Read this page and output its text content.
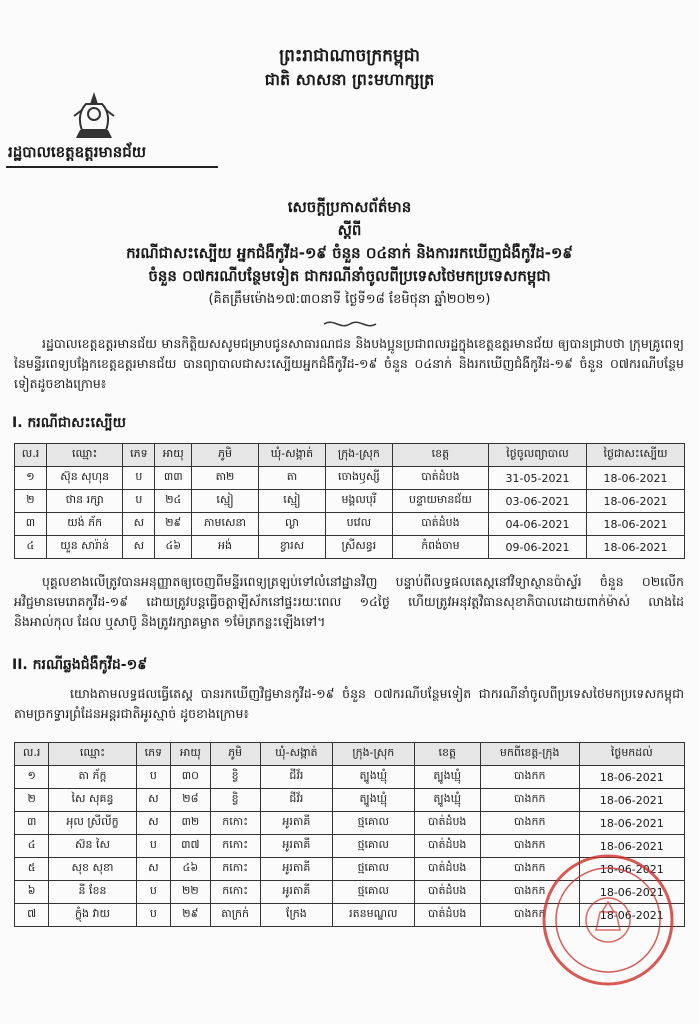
ព្រះរាជាណាចក្រកម្ពុជា
ជាតិ សាសនា ព្រះមហាក្សត្រ
រដ្ឋបាលខេត្តឧត្តរមានជ័យ
សេចក្តីប្រកាសព័ត៌មាន
ស្តីពី
ករណីជាសះស្បើយ អ្នកជំងឺកូវីដ-១៩ ចំនួន ០៤នាក់ និងការរកឃើញជំងឺកូវីដ-១៩
ចំនួន ០៧ករណីបន្ថែមទៀត ជាករណីនាំចូលពីប្រទេសថៃមកប្រទេសកម្ពុជា
(គិតត្រឹមម៉ោង១៧:៣០នាទី ថ្ងៃទី១៨ ខែមិថុនា ឆ្នាំ២០២១)
រដ្ឋបាលខេត្តឧត្តរមានជ័យ មានកិត្តិយសសូមជម្រាបជូនសាធារណជន និងបងប្អូនប្រជាពលរដ្ឋក្នុងខេត្តឧត្តរមានជ័យ ឲ្យបានជ្រាបថា ក្រុមគ្រូពេទ្យ នៃមន្ទីរពេទ្យបង្អែកខេត្តឧត្តរមានជ័យ បានព្យាបាលជាសះស្បើយអ្នកជំងឺកូវីដ-១៩ ចំនួន ០៤នាក់ និងរកឃើញជំងឺកូវីដ-១៩ ចំនួន ០៧ករណីបន្ថែមទៀតដូចខាងក្រោម៖
I. ករណីជាសះស្បើយ
ល.រ	ឈ្មោះ	ភេទ	អាយុ	ភូមិ	ឃុំ-សង្កាត់	ក្រុង-ស្រុក	ខេត្ត	ថ្ងៃចូលព្យាបាល	ថ្ងៃជាសះស្បើយ
១	ស៊ុន សុហុន	ប	៣៣	តា២	តា	ចោងឫស្សី	បាត់ដំបង	31-05-2021	18-06-2021
២	ថាន រក្សា	ប	២៤	ស្មៀ	ស្មៀ	មង្គលបុរី	បន្ទាយមានជ័យ	03-06-2021	18-06-2021
៣	យង់ ភ័ក	ស	២៩	ភាមសេនា	ល្ងា	បវេល	បាត់ដំបង	04-06-2021	18-06-2021
៤	យួន សារ៉ាន់	ស	៤៦	អង់	ខ្វារស	ស្រីសន្ធរ	កំពង់ចាម	09-06-2021	18-06-2021
បុគ្គលខាងលើត្រូវបានអនុញ្ញាតឲ្យចេញពីមន្ទីរពេទ្យត្រឡប់ទៅលំនៅដ្ឋានវិញ បន្ទាប់ពីលទ្ធផលតេស្តនៅវិទ្យាស្ថានប៉ាស្ទ័រ ចំនួន ០២លើក អវិជ្ជមានមេរោគកូវីដ-១៩ ដោយត្រូវបន្តធ្វើចត្តាឡីស័កនៅផ្ទះរយៈពេល ១៤ថ្ងៃ ហើយត្រូវអនុវត្តវិធានសុខាភិបាលដោយពាក់ម៉ាស់ លាងដៃ និងអាល់កុល ដែល ឬសាប៊ូ និងត្រូវរក្សាគម្លាត ១ម៉ែត្រកន្លះឡើងទៅ។
II. ករណីឆ្លងជំងឺកូវីដ-១៩
យោងតាមលទ្ធផលធ្វើតេស្ត បានរកឃើញវិជ្ជមានកូវីដ-១៩ ចំនួន ០៧ករណីបន្ថែមទៀត ជាករណីនាំចូលពីប្រទេសថៃមកប្រទេសកម្ពុជាតាមច្រកទ្វារព្រំដែនអន្តរជាតិអូរស្មាច់ ដូចខាងក្រោម៖
ល.រ	ឈ្មោះ	ភេទ	អាយុ	ភូមិ	ឃុំ-សង្កាត់	ក្រុង-ស្រុក	ខេត្ត	មកពីខេត្ត-ក្រុង	ថ្ងៃមកដល់
១	តា ភ័ក្ត	ប	៣០	ខ្វិ	ជីវ័រ	ត្បូងឃ្មុំ	ត្បូងឃ្មុំ	បាងកក	18-06-2021
២	សៃ សុគន្ធ	ស	២៨	ខ្វិ	ជីវ័រ	ត្បូងឃ្មុំ	ត្បូងឃ្មុំ	បាងកក	18-06-2021
៣	អុល ស្រីលីក្ខ	ស	៣២	កកោះ	អូរតាគី	ថ្មគោល	បាត់ដំបង	បាងកក	18-06-2021
៤	ស៊ន សៃ	ប	៣៧	កកោះ	អូរតាគី	ថ្មគោល	បាត់ដំបង	បាងកក	18-06-2021
៥	សុខ សុខា	ស	៤៦	កកោះ	អូរតាគី	ថ្មគោល	បាត់ដំបង	បាងកក	18-06-2021
៦	នី ខែន	ប	២២	កកោះ	អូរតាគី	ថ្មគោល	បាត់ដំបង	បាងកក	18-06-2021
៧	ក្លុំង វាយ	ប	២៩	តាក្រក់	ក្រែង	រតនមណ្ឌល	បាត់ដំបង	បាងកក	18-06-2021
